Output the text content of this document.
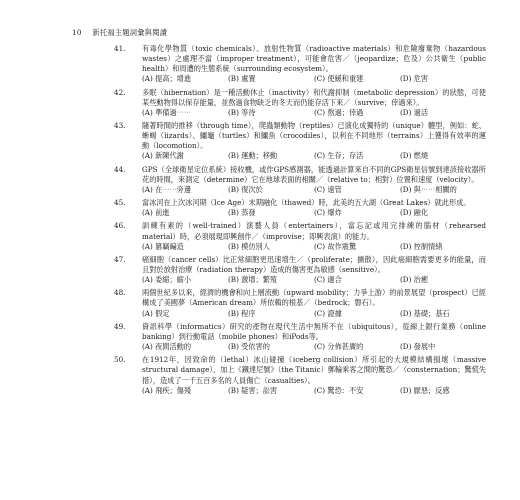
10 新托福主題詞彙與閱讀
41.	有毒化學物質（toxic chemicals）、放射性物質（radioactive materials）和危險廢棄物（hazardous wastes）之處理不當（improper treatment），可能會危害／（jeopardize；危及）公共衛生（public health）和周遭的生態系統（surrounding ecosystem）。
(A) 提高；增進	(B) 處置	(C) 使緩和重建	(D) 危害
42.	多眠（hibernation）是一種活動休止（inactivity）和代謝抑制（metabolic depression）的狀態，可使某些動物得以保存能量，並熬過食物缺乏的冬天而仍能存活下來／（survive；倖過來）。
(A) 準備過⋯⋯	(B) 等待	(C) 熬過；倖過	(D) 過活
43.	隨著時間的推移（through time），爬蟲類動物（reptiles）已演化成獨特的（unique）體型，例如：蛇、蜥蜴（lizards）、鱷龜（turtles）和鱷魚（crocodiles），以利在不同地形（terrains）上獲得有效率的運動（locomotion）。
(A) 新陳代謝	(B) 運動；移動	(C) 生存；存活	(D) 燃燒
44.	GPS（全球衛星定位系統）接收機，或作GPS感測器，能透過計算來自不同的GPS衛星信號到達該接收器所花的時間，來測定（determine）它在地球表面的相關／（relative to；相對）位置和速度（velocity）。
(A) 在⋯⋯旁邊	(B) 復次於	(C) 遠管	(D) 與⋯⋯相關的
45.	當冰河在上次冰河期（Ice Age）末期融化（thawed）時，此美的五大湖（Great Lakes）就此形成。
(A) 前進	(B) 蒸發	(C) 爆炸	(D) 融化
46.	訓練有素的（well-trained）演藝人員（entertainers），當忘記或用完排練的腦材（rehearsed material）時，必須展現即興創作／（improvise；即興表演）的能力。
(A) 篡竊編造	(B) 模仿別人	(C) 故作震驚	(D) 控制情緒
47.	癌細胞（cancer cells）比正常細胞更迅速增生／（proliferate；擴散），因此癌細胞需要更多的能量，而且對於放射治療（radiation therapy）造成的傷害更為敏感（sensitive）。
(A) 委縮；縮小	(B) 激增；繁殖	(C) 適合	(D) 治癒
48.	兩個世紀多以來，經濟的機會和向上層流動（upward mobility；力爭上游）的前景展望（prospect）已經構成了美國夢（American dream）所依賴的根基／（bedrock；磐石）。
(A) 假定	(B) 程序	(C) 證據	(D) 基礎；基石
49.	資訊科學（informatics）研究的產物在現代生活中無所不在（ubiquitous），從線上銀行業務（online banking）到行動電話（mobile phones）和iPods等。
(A) 夜間活動的	(B) 受依害的	(C) 分佈甚廣的	(D) 發展中
50.	在1912年，因致命的（lethal）冰山碰撞（iceberg collision）所引起的大規模結構損壞（massive structural damage），加上《鐵達尼號》（the Titanic）郵輪乘客之間的驚恐／（consternation；驚慌失措），造成了一千五百多名的人員傷亡（casualties）。
(A) 飛疾；傷殘	(B) 疑害；訟害	(C) 驚恐：不安	(D) 厭惡；反感
